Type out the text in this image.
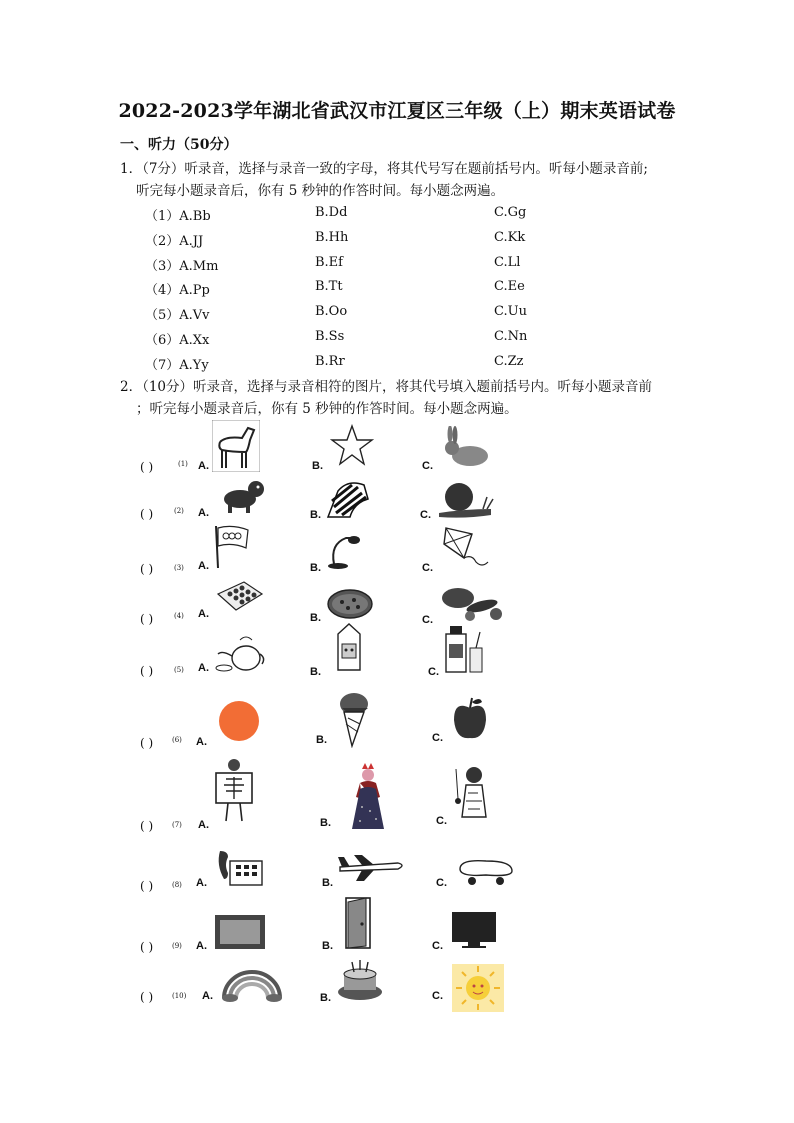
2022-2023学年湖北省武汉市江夏区三年级（上）期末英语试卷
一、听力（50分）
1．（7分）听录音，选择与录音一致的字母，将其代号写在题前括号内。听每小题录音前;
听完每小题录音后，你有 5 秒钟的作答时间。每小题念两遍。
（1）A.Bb	B.Dd	C.Gg
（2）A.JJ	B.Hh	C.Kk
（3）A.Mm	B.Ef	C.Ll
（4）A.Pp	B.Tt	C.Ee
（5）A.Vv	B.Oo	C.Uu
（6）A.Xx	B.Ss	C.Nn
（7）A.Yy	B.Rr	C.Zz
2．（10分）听录音，选择与录音相符的图片，将其代号填入题前括号内。听每小题录音前
；听完每小题录音后，你有 5 秒钟的作答时间。每小题念两遍。
( )	(1) A.	B.	C.
( )	(2) A.	B.	C.
( )	(3) A.	B.	C.
( )	(4) A.	B.	C.
( )	(5) A.	B.	C.
( )	(6) A.	B.	C.
( )	(7) A.	B.	C.
( )	(8) A.	B.	C.
( )	(9) A.	B.	C.
( )	(10) A.	B.	C.
